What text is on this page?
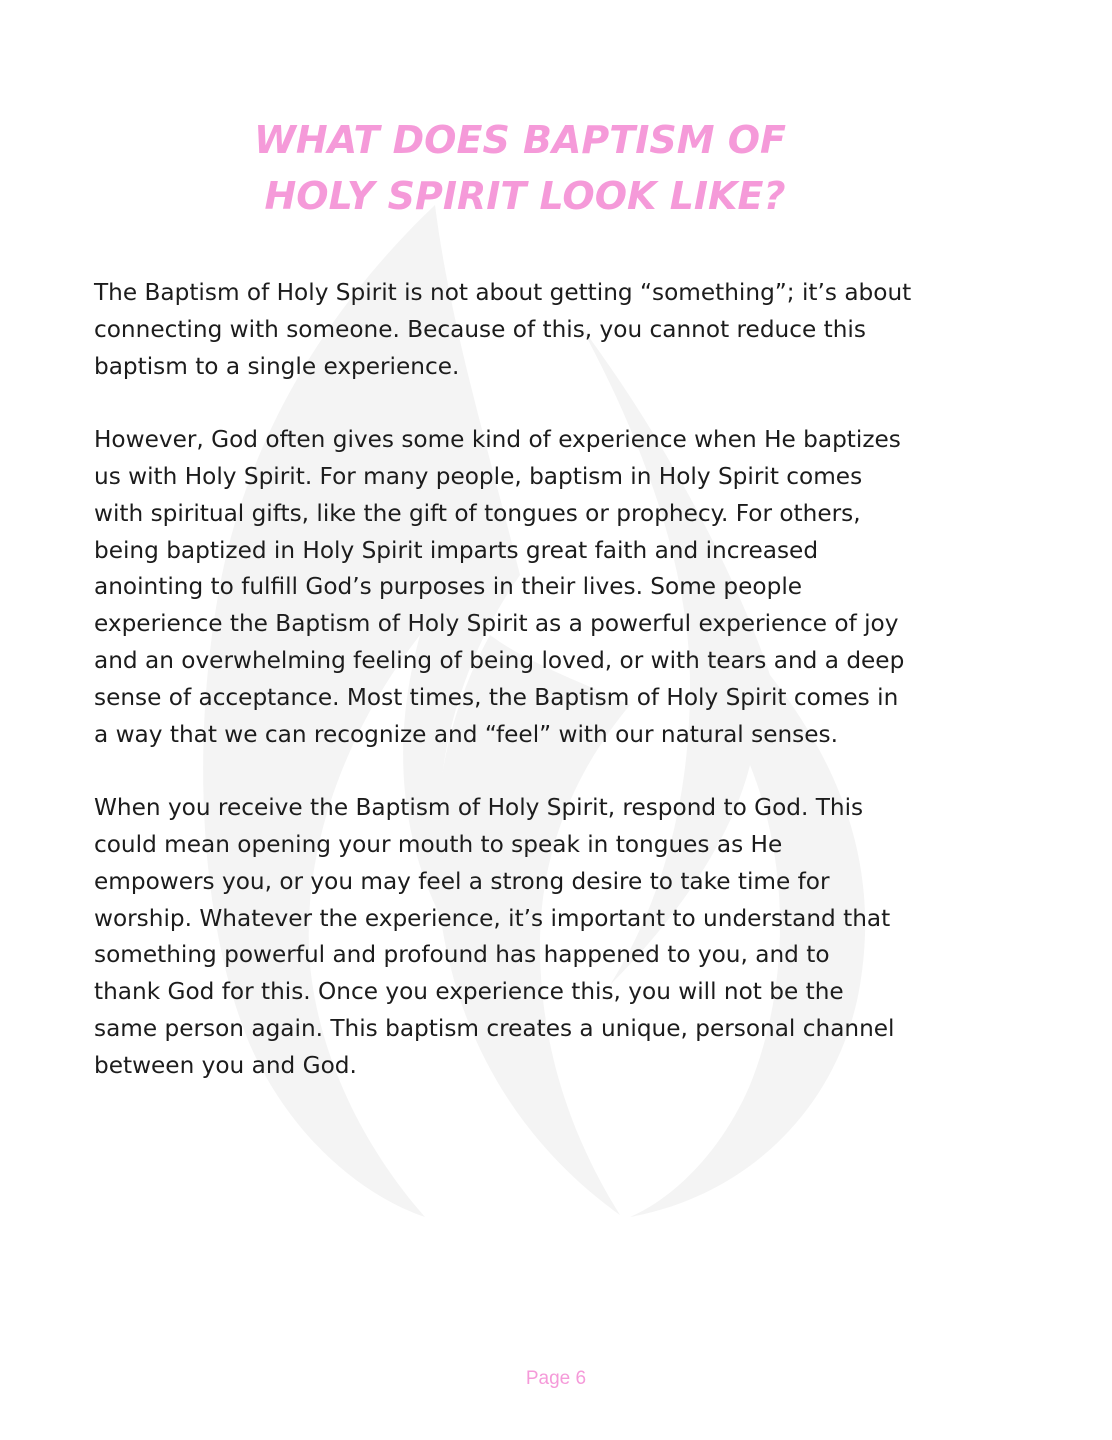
WHAT DOES BAPTISM OF
HOLY SPIRIT LOOK LIKE?

The Baptism of Holy Spirit is not about getting “something”; it’s about
connecting with someone. Because of this, you cannot reduce this
baptism to a single experience.

However, God often gives some kind of experience when He baptizes
us with Holy Spirit. For many people, baptism in Holy Spirit comes
with spiritual gifts, like the gift of tongues or prophecy. For others,
being baptized in Holy Spirit imparts great faith and increased
anointing to fulfill God’s purposes in their lives. Some people
experience the Baptism of Holy Spirit as a powerful experience of joy
and an overwhelming feeling of being loved, or with tears and a deep
sense of acceptance. Most times, the Baptism of Holy Spirit comes in
a way that we can recognize and “feel” with our natural senses.

When you receive the Baptism of Holy Spirit, respond to God. This
could mean opening your mouth to speak in tongues as He
empowers you, or you may feel a strong desire to take time for
worship. Whatever the experience, it’s important to understand that
something powerful and profound has happened to you, and to
thank God for this. Once you experience this, you will not be the
same person again. This baptism creates a unique, personal channel
between you and God.

Page 6
